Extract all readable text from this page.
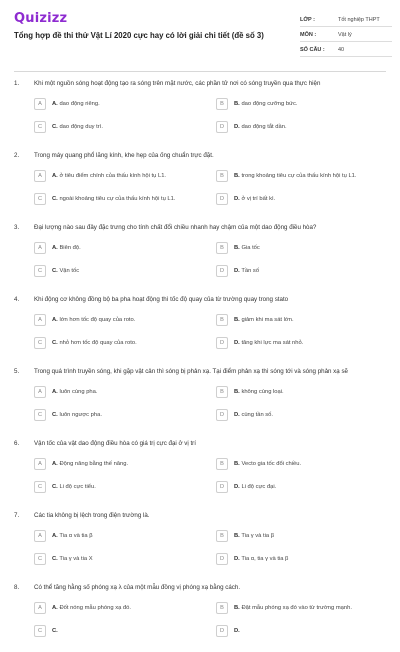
Quizizz
Tổng hợp đề thi thử Vật Lí 2020 cực hay có lời giải chi tiết (đề số 3)
LỚP :	Tốt nghiệp THPT
MÔN :	Vật lý
SỐ CÂU :	40
1. Khi một nguồn sóng hoạt động tạo ra sóng trên mặt nước, các phần tử nơi có sóng truyền qua thực hiện
A	A. dao động riêng.	B	B. dao động cưỡng bức.
C	C. dao động duy trì.	D	D. dao động tắt dần.
2. Trong máy quang phổ lăng kính, khe hẹp của ống chuẩn trực đặt.
A	A. ở tiêu điểm chính của thấu kính hội tụ L1.	B	B. trong khoảng tiêu cự của thấu kính hội tụ L1.
C	C. ngoài khoảng tiêu cự của thấu kính hội tụ L1.	D	D. ở vị trí bất kì.
3. Đại lượng nào sau đây đặc trưng cho tính chất đổi chiều nhanh hay chậm của một dao động điều hòa?
A	A. Biên độ.	B	B. Gia tốc
C	C. Vận tốc	D	D. Tần số
4. Khi động cơ không đồng bộ ba pha hoạt động thì tốc độ quay của từ trường quay trong stato
A	A. lớn hơn tốc độ quay của roto.	B	B. giảm khi ma sát lớn.
C	C. nhỏ hơn tốc độ quay của roto.	D	D. tăng khi lực ma sát nhỏ.
5. Trong quá trình truyền sóng, khi gặp vật cản thì sóng bị phản xạ. Tại điểm phản xạ thì sóng tới và sóng phản xạ sẽ
A	A. luôn cùng pha.	B	B. không cùng loại.
C	C. luôn ngược pha.	D	D. cùng tần số.
6. Vận tốc của vật dao động điều hòa có giá trị cực đại ở vị trí
A	A. Động năng bằng thế năng.	B	B. Vecto gia tốc đổi chiều.
C	C. Li độ cực tiểu.	D	D. Li độ cực đại.
7. Các tia không bị lệch trong điện trường là.
A	A. Tia α và tia β	B	B. Tia γ và tia β
C	C. Tia γ và tia X	D	D. Tia α, tia γ và tia β
8. Có thể tăng hằng số phóng xạ λ của một mẫu đồng vị phóng xạ bằng cách.
A	A. Đốt nóng mẫu phóng xạ đó.	B	B. Đặt mẫu phóng xạ đó vào từ trường mạnh.
C	C.	D	D.
